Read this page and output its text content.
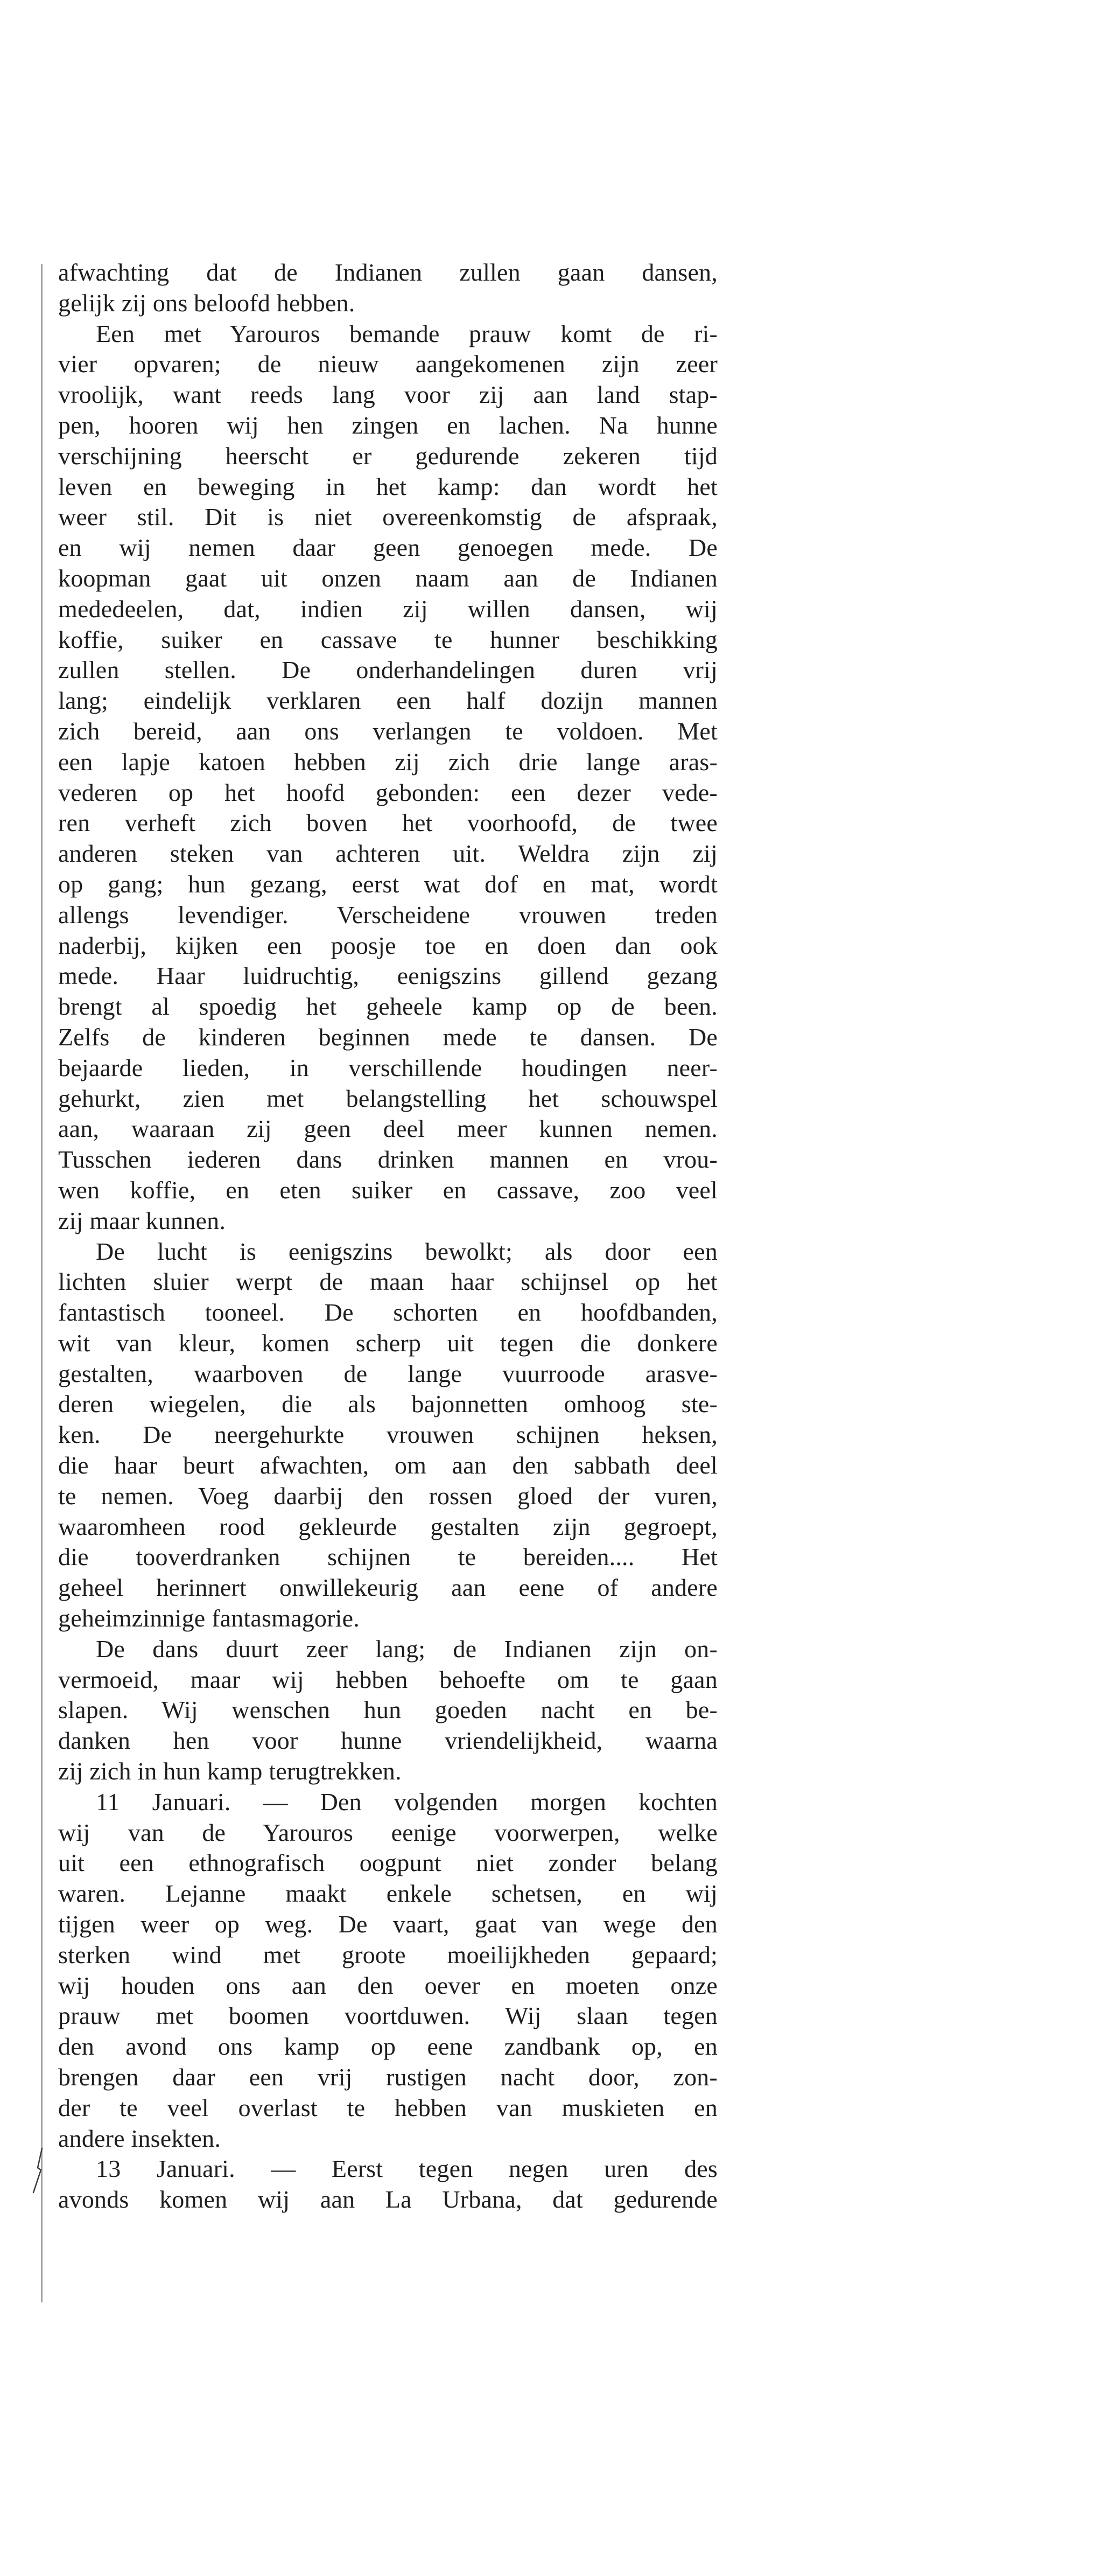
afwachting dat de Indianen zullen gaan dansen,
gelijk zij ons beloofd hebben.
Een met Yarouros bemande prauw komt de ri-
vier opvaren; de nieuw aangekomenen zijn zeer
vroolijk, want reeds lang voor zij aan land stap-
pen, hooren wij hen zingen en lachen. Na hunne
verschijning heerscht er gedurende zekeren tijd
leven en beweging in het kamp: dan wordt het
weer stil. Dit is niet overeenkomstig de afspraak,
en wij nemen daar geen genoegen mede. De
koopman gaat uit onzen naam aan de Indianen
mededeelen, dat, indien zij willen dansen, wij
koffie, suiker en cassave te hunner beschikking
zullen stellen. De onderhandelingen duren vrij
lang; eindelijk verklaren een half dozijn mannen
zich bereid, aan ons verlangen te voldoen. Met
een lapje katoen hebben zij zich drie lange aras-
vederen op het hoofd gebonden: een dezer vede-
ren verheft zich boven het voorhoofd, de twee
anderen steken van achteren uit. Weldra zijn zij
op gang; hun gezang, eerst wat dof en mat, wordt
allengs levendiger. Verscheidene vrouwen treden
naderbij, kijken een poosje toe en doen dan ook
mede. Haar luidruchtig, eenigszins gillend gezang
brengt al spoedig het geheele kamp op de been.
Zelfs de kinderen beginnen mede te dansen. De
bejaarde lieden, in verschillende houdingen neer-
gehurkt, zien met belangstelling het schouwspel
aan, waaraan zij geen deel meer kunnen nemen.
Tusschen iederen dans drinken mannen en vrou-
wen koffie, en eten suiker en cassave, zoo veel
zij maar kunnen.
De lucht is eenigszins bewolkt; als door een
lichten sluier werpt de maan haar schijnsel op het
fantastisch tooneel. De schorten en hoofdbanden,
wit van kleur, komen scherp uit tegen die donkere
gestalten, waarboven de lange vuurroode arasve-
deren wiegelen, die als bajonnetten omhoog ste-
ken. De neergehurkte vrouwen schijnen heksen,
die haar beurt afwachten, om aan den sabbath deel
te nemen. Voeg daarbij den rossen gloed der vuren,
waaromheen rood gekleurde gestalten zijn gegroept,
die tooverdranken schijnen te bereiden.... Het
geheel herinnert onwillekeurig aan eene of andere
geheimzinnige fantasmagorie.
De dans duurt zeer lang; de Indianen zijn on-
vermoeid, maar wij hebben behoefte om te gaan
slapen. Wij wenschen hun goeden nacht en be-
danken hen voor hunne vriendelijkheid, waarna
zij zich in hun kamp terugtrekken.
11 Januari. — Den volgenden morgen kochten
wij van de Yarouros eenige voorwerpen, welke
uit een ethnografisch oogpunt niet zonder belang
waren. Lejanne maakt enkele schetsen, en wij
tijgen weer op weg. De vaart, gaat van wege den
sterken wind met groote moeilijkheden gepaard;
wij houden ons aan den oever en moeten onze
prauw met boomen voortduwen. Wij slaan tegen
den avond ons kamp op eene zandbank op, en
brengen daar een vrij rustigen nacht door, zon-
der te veel overlast te hebben van muskieten en
andere insekten.
13 Januari. — Eerst tegen negen uren des
avonds komen wij aan La Urbana, dat gedurende
